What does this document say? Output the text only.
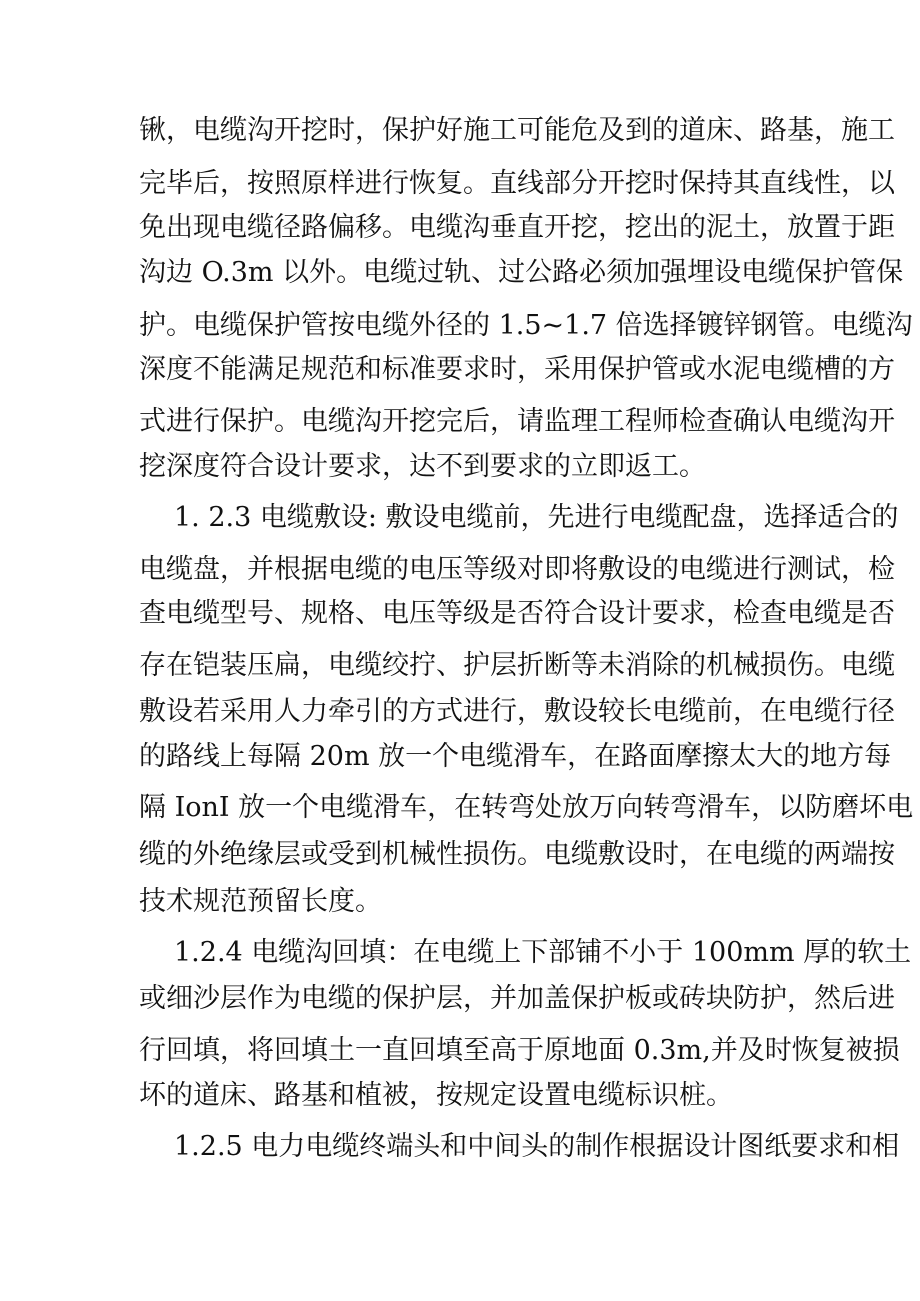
锹，电缆沟开挖时，保护好施工可能危及到的道床、路基，施工
完毕后，按照原样进行恢复。直线部分开挖时保持其直线性，以
免出现电缆径路偏移。电缆沟垂直开挖，挖出的泥土，放置于距
沟边 O.3m 以外。电缆过轨、过公路必须加强埋设电缆保护管保
护。电缆保护管按电缆外径的 1.5~1.7 倍选择镀锌钢管。电缆沟
深度不能满足规范和标准要求时，采用保护管或水泥电缆槽的方
式进行保护。电缆沟开挖完后，请监理工程师检查确认电缆沟开
挖深度符合设计要求，达不到要求的立即返工。
1. 2.3 电缆敷设: 敷设电缆前，先进行电缆配盘，选择适合的
电缆盘，并根据电缆的电压等级对即将敷设的电缆进行测试，检
查电缆型号、规格、电压等级是否符合设计要求，检查电缆是否
存在铠装压扁，电缆绞拧、护层折断等未消除的机械损伤。电缆
敷设若采用人力牵引的方式进行，敷设较长电缆前，在电缆行径
的路线上每隔 20m 放一个电缆滑车，在路面摩擦太大的地方每
隔 IonI 放一个电缆滑车，在转弯处放万向转弯滑车，以防磨坏电
缆的外绝缘层或受到机械性损伤。电缆敷设时，在电缆的两端按
技术规范预留长度。
1.2.4 电缆沟回填：在电缆上下部铺不小于 100mm 厚的软土
或细沙层作为电缆的保护层，并加盖保护板或砖块防护，然后进
行回填，将回填土一直回填至高于原地面 0.3m,并及时恢复被损
坏的道床、路基和植被，按规定设置电缆标识桩。
1.2.5 电力电缆终端头和中间头的制作根据设计图纸要求和相
